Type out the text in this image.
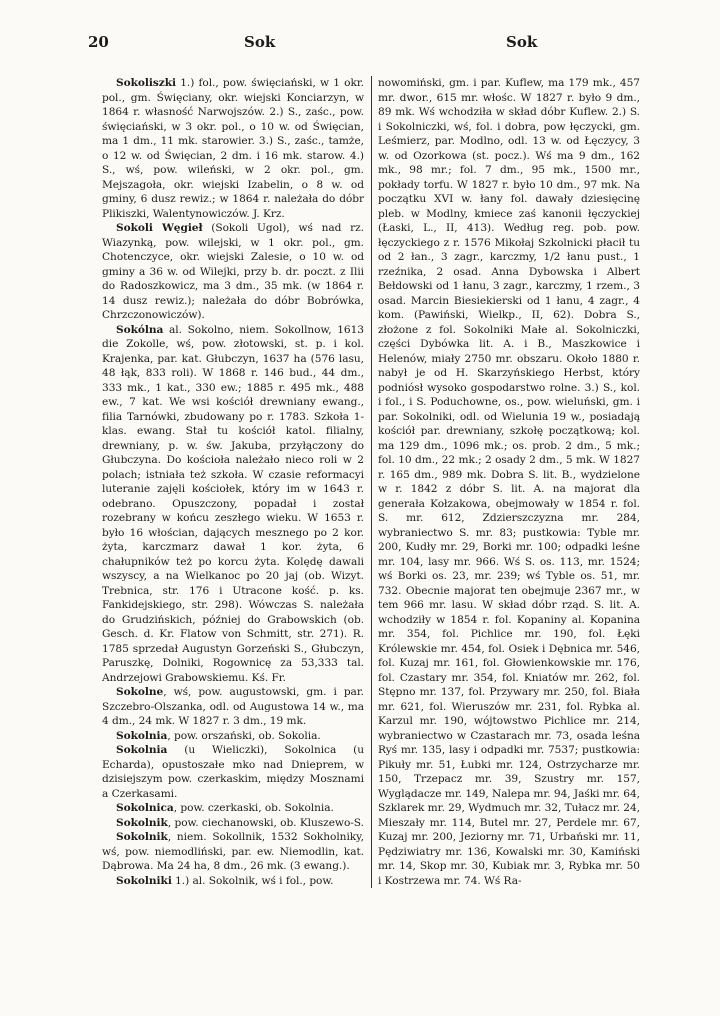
20	Sok	Sok

Sokoliszki 1.) fol., pow. święciański, w 1 okr. pol., gm. Święciany, okr. wiejski Konciarzyn, w 1864 r. własność Narwojszów. 2.) S., zaśc., pow. święciański, w 3 okr. pol., o 10 w. od Święcian, ma 1 dm., 11 mk. starowier. 3.) S., zaśc., tamże, o 12 w. od Święcian, 2 dm. i 16 mk. starow. 4.) S., wś, pow. wileński, w 2 okr. pol., gm. Mejszagoła, okr. wiejski Izabelin, o 8 w. od gminy, 6 dusz rewiz.; w 1864 r. należała do dóbr Plikiszki, Walentynowiczów. J. Krz.

Sokoli Węgieł (Sokoli Ugol), wś nad rz. Wiazynką, pow. wilejski, w 1 okr. pol., gm. Chotenczyce, okr. wiejski Zalesie, o 10 w. od gminy a 36 w. od Wilejki, przy b. dr. poczt. z Ilii do Radoszkowicz, ma 3 dm., 35 mk. (w 1864 r. 14 dusz rewiz.); należała do dóbr Bobrówka, Chrzczonowiczów).

Sokólna al. Sokolno, niem. Sokollnow, 1613 die Zokolle, wś, pow. złotowski, st. p. i kol. Krajenka, par. kat. Głubczyn, 1637 ha (576 lasu, 48 łąk, 833 roli). W 1868 r. 146 bud., 44 dm., 333 mk., 1 kat., 330 ew.; 1885 r. 495 mk., 488 ew., 7 kat. We wsi kościół drewniany ewang., filia Tarnówki, zbudowany po r. 1783. Szkoła 1-klas. ewang. Stał tu kościół katol. filialny, drewniany, p. w. św. Jakuba, przyłączony do Głubczyna. Do kościoła należało nieco roli w 2 polach; istniała też szkoła. W czasie reformacyi luteranie zajęli kościołek, który im w 1643 r. odebrano. Opuszczony, popadał i został rozebrany w końcu zeszłego wieku. W 1653 r. było 16 włościan, dających mesznego po 2 kor. żyta, karczmarz dawał 1 kor. żyta, 6 chałupników też po korcu żyta. Kolędę dawali wszyscy, a na Wielkanoc po 20 jaj (ob. Wizyt. Trebnica, str. 176 i Utracone kość. p. ks. Fankidejskiego, str. 298). Wówczas S. należała do Grudzińskich, później do Grabowskich (ob. Gesch. d. Kr. Flatow von Schmitt, str. 271). R. 1785 sprzedał Augustyn Gorzeński S., Głubczyn, Paruszkę, Dolniki, Rogownicę za 53,333 tal. Andrzejowi Grabowskiemu. Kś. Fr.

Sokolne, wś, pow. augustowski, gm. i par. Szczebro-Olszanka, odl. od Augustowa 14 w., ma 4 dm., 24 mk. W 1827 r. 3 dm., 19 mk.

Sokolnia, pow. orszański, ob. Sokolia.

Sokolnia (u Wieliczki), Sokolnica (u Echarda), opustoszałe mko nad Dnieprem, w dzisiejszym pow. czerkaskim, między Mosznami a Czerkasami.

Sokolnica, pow. czerkaski, ob. Sokolnia.

Sokolnik, pow. ciechanowski, ob. Kluszewo-S.

Sokolnik, niem. Sokollnik, 1532 Sokholniky, wś, pow. niemodliński, par. ew. Niemodlin, kat. Dąbrowa. Ma 24 ha, 8 dm., 26 mk. (3 ewang.).

Sokolniki 1.) al. Sokolnik, wś i fol., pow.

nowomiński, gm. i par. Kuflew, ma 179 mk., 457 mr. dwor., 615 mr. włośc. W 1827 r. było 9 dm., 89 mk. Wś wchodziła w skład dóbr Kuflew. 2.) S. i Sokolniczki, wś, fol. i dobra, pow łęczycki, gm. Leśmierz, par. Modlno, odl. 13 w. od Łęczycy, 3 w. od Ozorkowa (st. pocz.). Wś ma 9 dm., 162 mk., 98 mr.; fol. 7 dm., 95 mk., 1500 mr., pokłady torfu. W 1827 r. było 10 dm., 97 mk. Na początku XVI w. łany fol. dawały dziesięcinę pleb. w Modlny, kmiece zaś kanonii łęczyckiej (Łaski, L., II, 413). Według reg. pob. pow. łęczyckiego z r. 1576 Mikołaj Szkolnicki płacił tu od 2 łan., 3 zagr., karczmy, 1/2 łanu pust., 1 rzeźnika, 2 osad. Anna Dybowska i Albert Bełdowski od 1 łanu, 3 zagr., karczmy, 1 rzem., 3 osad. Marcin Biesiekierski od 1 łanu, 4 zagr., 4 kom. (Pawiński, Wielkp., II, 62). Dobra S., złożone z fol. Sokolniki Małe al. Sokolniczki, części Dybówka lit. A. i B., Maszkowice i Helenów, miały 2750 mr. obszaru. Około 1880 r. nabył je od H. Skarzyńskiego Herbst, który podniósł wysoko gospodarstwo rolne. 3.) S., kol. i fol., i S. Poduchowne, os., pow. wieluński, gm. i par. Sokolniki, odl. od Wielunia 19 w., posiadają kościół par. drewniany, szkołę początkową; kol. ma 129 dm., 1096 mk.; os. prob. 2 dm., 5 mk.; fol. 10 dm., 22 mk.; 2 osady 2 dm., 5 mk. W 1827 r. 165 dm., 989 mk. Dobra S. lit. B., wydzielone w r. 1842 z dóbr S. lit. A. na majorat dla generała Kołzakowa, obejmowały w 1854 r. fol. S. mr. 612, Zdzierszczyzna mr. 284, wybraniectwo S. mr. 83; pustkowia: Tyble mr. 200, Kudły mr. 29, Borki mr. 100; odpadki leśne mr. 104, lasy mr. 966. Wś S. os. 113, mr. 1524; wś Borki os. 23, mr. 239; wś Tyble os. 51, mr. 732. Obecnie majorat ten obejmuje 2367 mr., w tem 966 mr. lasu. W skład dóbr rząd. S. lit. A. wchodziły w 1854 r. fol. Kopaniny al. Kopanina mr. 354, fol. Pichlice mr. 190, fol. Łęki Królewskie mr. 454, fol. Osiek i Dębnica mr. 546, fol. Kuzaj mr. 161, fol. Głowienkowskie mr. 176, fol. Czastary mr. 354, fol. Kniatów mr. 262, fol. Stępno mr. 137, fol. Przywary mr. 250, fol. Biała mr. 621, fol. Wieruszów mr. 231, fol. Rybka al. Karzul mr. 190, wójtowstwo Pichlice mr. 214, wybraniectwo w Czastarach mr. 73, osada leśna Ryś mr. 135, lasy i odpadki mr. 7537; pustkowia: Pikuły mr. 51, Łubki mr. 124, Ostrzycharze mr. 150, Trzepacz mr. 39, Szustry mr. 157, Wyglądacze mr. 149, Nalepa mr. 94, Jaśki mr. 64, Szklarek mr. 29, Wydmuch mr. 32, Tułacz mr. 24, Mieszały mr. 114, Butel mr. 27, Perdele mr. 67, Kuzaj mr. 200, Jeziorny mr. 71, Urbański mr. 11, Pędziwiatry mr. 136, Kowalski mr. 30, Kamiński mr. 14, Skop mr. 30, Kubiak mr. 3, Rybka mr. 50 i Kostrzewa mr. 74. Wś Ra-
